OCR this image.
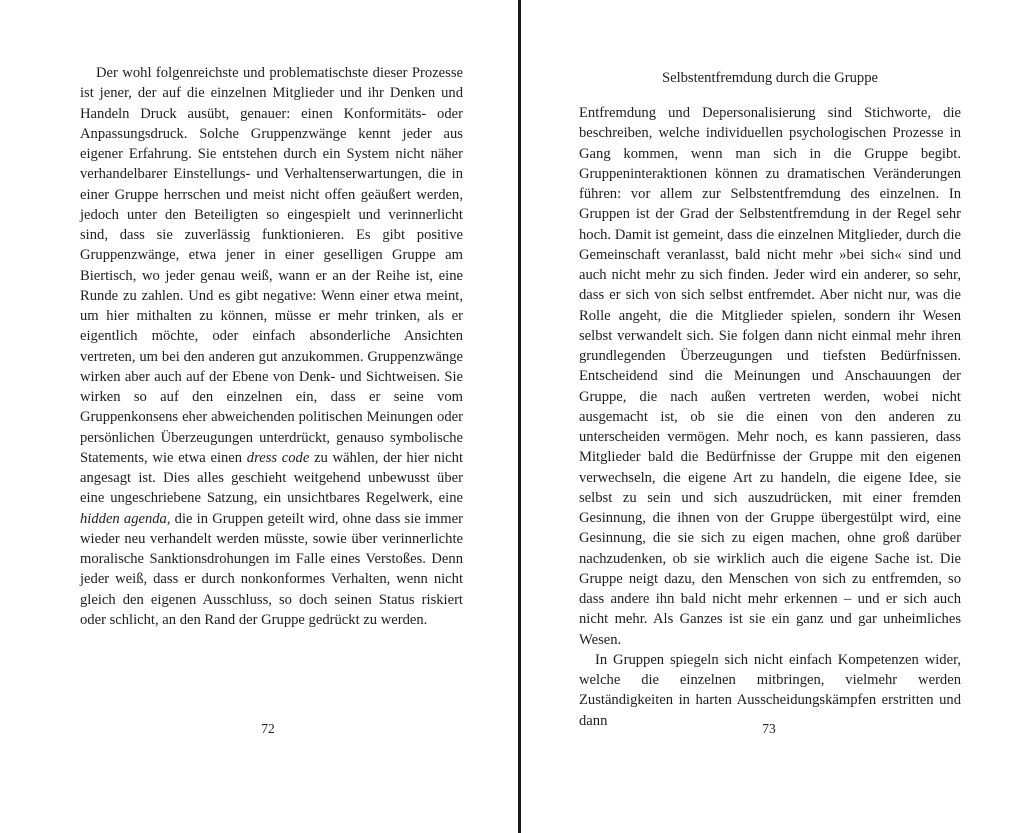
Der wohl folgenreichste und problematischste dieser Prozesse ist jener, der auf die einzelnen Mitglieder und ihr Denken und Handeln Druck ausübt, genauer: einen Konformitäts- oder Anpassungsdruck. Solche Gruppenzwänge kennt jeder aus eigener Erfahrung. Sie entstehen durch ein System nicht näher verhandelbarer Einstellungs- und Verhaltenserwartungen, die in einer Gruppe herrschen und meist nicht offen geäußert werden, jedoch unter den Beteiligten so eingespielt und verinnerlicht sind, dass sie zuverlässig funktionieren. Es gibt positive Gruppenzwänge, etwa jener in einer geselligen Gruppe am Biertisch, wo jeder genau weiß, wann er an der Reihe ist, eine Runde zu zahlen. Und es gibt negative: Wenn einer etwa meint, um hier mithalten zu können, müsse er mehr trinken, als er eigentlich möchte, oder einfach absonderliche Ansichten vertreten, um bei den anderen gut anzukommen. Gruppenzwänge wirken aber auch auf der Ebene von Denk- und Sichtweisen. Sie wirken so auf den einzelnen ein, dass er seine vom Gruppenkonsens eher abweichenden politischen Meinungen oder persönlichen Überzeugungen unterdrückt, genauso symbolische Statements, wie etwa einen dress code zu wählen, der hier nicht angesagt ist. Dies alles geschieht weitgehend unbewusst über eine ungeschriebene Satzung, ein unsichtbares Regelwerk, eine hidden agenda, die in Gruppen geteilt wird, ohne dass sie immer wieder neu verhandelt werden müsste, sowie über verinnerlichte moralische Sanktionsdrohungen im Falle eines Verstoßes. Denn jeder weiß, dass er durch nonkonformes Verhalten, wenn nicht gleich den eigenen Ausschluss, so doch seinen Status riskiert oder schlicht, an den Rand der Gruppe gedrückt zu werden.

72
Selbstentfremdung durch die Gruppe

Entfremdung und Depersonalisierung sind Stichworte, die beschreiben, welche individuellen psychologischen Prozesse in Gang kommen, wenn man sich in die Gruppe begibt. Gruppeninteraktionen können zu dramatischen Veränderungen führen: vor allem zur Selbstentfremdung des einzelnen. In Gruppen ist der Grad der Selbstentfremdung in der Regel sehr hoch. Damit ist gemeint, dass die einzelnen Mitglieder, durch die Gemeinschaft veranlasst, bald nicht mehr »bei sich« sind und auch nicht mehr zu sich finden. Jeder wird ein anderer, so sehr, dass er sich von sich selbst entfremdet. Aber nicht nur, was die Rolle angeht, die die Mitglieder spielen, sondern ihr Wesen selbst verwandelt sich. Sie folgen dann nicht einmal mehr ihren grundlegenden Überzeugungen und tiefsten Bedürfnissen. Entscheidend sind die Meinungen und Anschauungen der Gruppe, die nach außen vertreten werden, wobei nicht ausgemacht ist, ob sie die einen von den anderen zu unterscheiden vermögen. Mehr noch, es kann passieren, dass Mitglieder bald die Bedürfnisse der Gruppe mit den eigenen verwechseln, die eigene Art zu handeln, die eigene Idee, sie selbst zu sein und sich auszudrücken, mit einer fremden Gesinnung, die ihnen von der Gruppe übergestülpt wird, eine Gesinnung, die sie sich zu eigen machen, ohne groß darüber nachzudenken, ob sie wirklich auch die eigene Sache ist. Die Gruppe neigt dazu, den Menschen von sich zu entfremden, so dass andere ihn bald nicht mehr erkennen – und er sich auch nicht mehr. Als Ganzes ist sie ein ganz und gar unheimliches Wesen.

In Gruppen spiegeln sich nicht einfach Kompetenzen wider, welche die einzelnen mitbringen, vielmehr werden Zuständigkeiten in harten Ausscheidungskämpfen erstritten und dann	73
